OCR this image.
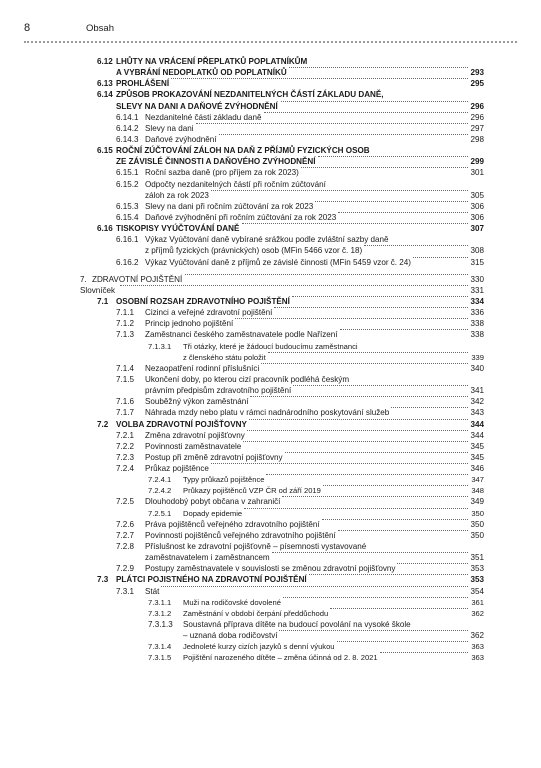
8	Obsah
6.12 LHŮTY NA VRÁCENÍ PŘEPLATKŮ POPLATNÍKŮM
A VYBRÁNÍ NEDOPLATKŮ OD POPLATNÍKŮ	293
6.13 PROHLÁŠENÍ	295
6.14 ZPŮSOB PROKAZOVÁNÍ NEZDANITELNÝCH ČÁSTÍ ZÁKLADU DANĚ,
SLEVY NA DANI A DAŇOVÉ ZVÝHODNĚNÍ	296
6.14.1 Nezdanitelné části základu daně	296
6.14.2 Slevy na dani	297
6.14.3 Daňové zvýhodnění	298
6.15 ROČNÍ ZÚČTOVÁNÍ ZÁLOH NA DAŇ Z PŘÍJMŮ FYZICKÝCH OSOB
ZE ZÁVISLÉ ČINNOSTI A DAŇOVÉHO ZVÝHODNĚNÍ	299
6.15.1 Roční sazba daně (pro příjem za rok 2023)	301
6.15.2 Odpočty nezdanitelných částí při ročním zúčtování
záloh za rok 2023	305
6.15.3 Slevy na dani při ročním zúčtování za rok 2023	306
6.15.4 Daňové zvýhodnění při ročním zúčtování za rok 2023	306
6.16 TISKOPISY VYÚČTOVÁNÍ DANĚ	307
6.16.1 Výkaz Vyúčtování daně vybírané srážkou podle zvláštní sazby daně
z příjmů fyzických (právnických) osob (MFin 5466 vzor č. 18)	308
6.16.2 Výkaz Vyúčtování daně z příjmů ze závislé činnosti (MFin 5459 vzor č. 24)	315
7. ZDRAVOTNÍ POJIŠTĚNÍ	330
Slovníček	331
7.1 OSOBNÍ ROZSAH ZDRAVOTNÍHO POJIŠTĚNÍ	334
7.1.1 Cizinci a veřejné zdravotní pojištění	336
7.1.2 Princip jednoho pojištění	338
7.1.3 Zaměstnanci českého zaměstnavatele podle Nařízení	338
7.1.3.1 Tři otázky, které je žádoucí budoucímu zaměstnanci
z členského státu položit	339
7.1.4 Nezaopatření rodinní příslušníci	340
7.1.5 Ukončení doby, po kterou cizí pracovník podléhá českým
právním předpisům zdravotního pojištění	341
7.1.6 Souběžný výkon zaměstnání	342
7.1.7 Náhrada mzdy nebo platu v rámci nadnárodního poskytování služeb	343
7.2 VOLBA ZDRAVOTNÍ POJIŠŤOVNY	344
7.2.1 Změna zdravotní pojišťovny	344
7.2.2 Povinnosti zaměstnavatele	345
7.2.3 Postup při změně zdravotní pojišťovny	345
7.2.4 Průkaz pojištěnce	346
7.2.4.1 Typy průkazů pojištěnce	347
7.2.4.2 Průkazy pojištěnců VZP ČR od září 2019	348
7.2.5 Dlouhodobý pobyt občana v zahraničí	349
7.2.5.1 Dopady epidemie	350
7.2.6 Práva pojištěnců veřejného zdravotního pojištění	350
7.2.7 Povinnosti pojištěnců veřejného zdravotního pojištění	350
7.2.8 Příslušnost ke zdravotní pojišťovně – písemnosti vystavované
zaměstnavatelem i zaměstnancem	351
7.2.9 Postupy zaměstnavatele v souvislosti se změnou zdravotní pojišťovny	353
7.3 PLÁTCI POJISTNÉHO NA ZDRAVOTNÍ POJIŠTĚNÍ	353
7.3.1 Stát	354
7.3.1.1 Muži na rodičovské dovolené	361
7.3.1.2 Zaměstnání v období čerpání předdůchodu	362
7.3.1.3 Soustavná příprava dítěte na budoucí povolání na vysoké škole
– uznaná doba rodičovství	362
7.3.1.4 Jednoleté kurzy cizích jazyků s denní výukou	363
7.3.1.5 Pojištění narozeného dítěte – změna účinná od 2. 8. 2021	363
